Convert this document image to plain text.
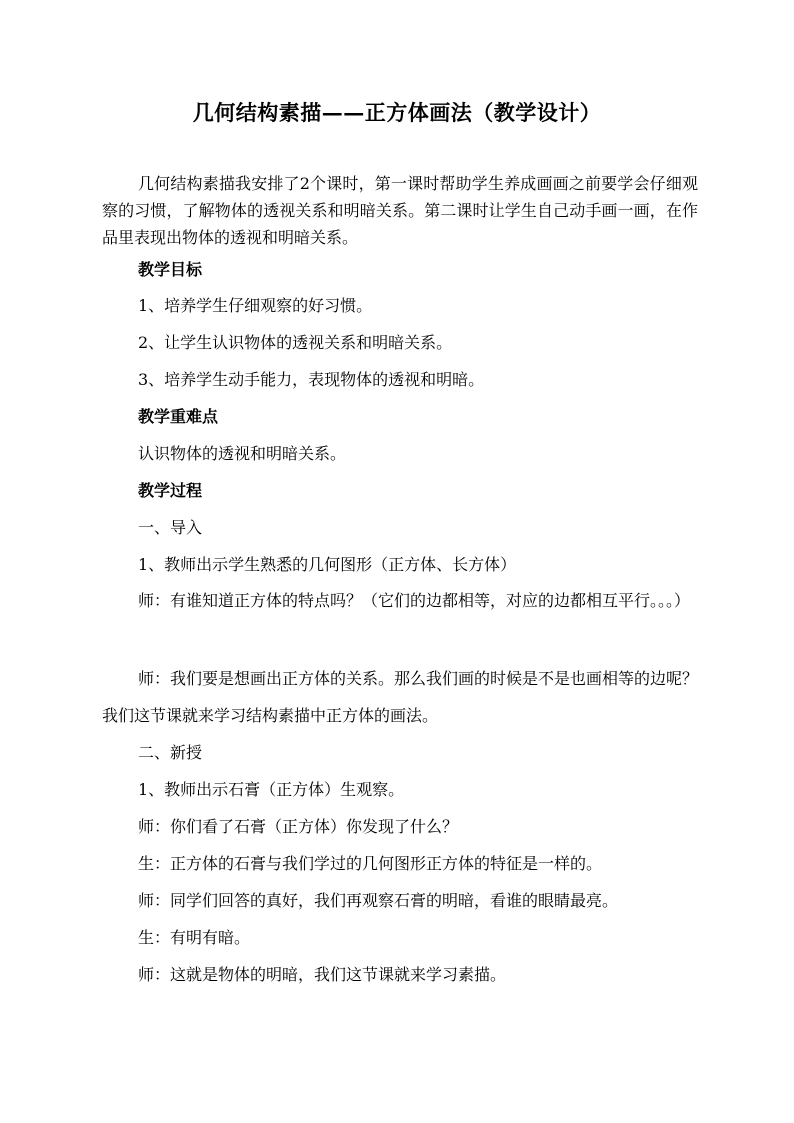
几何结构素描——正方体画法（教学设计）
几何结构素描我安排了2个课时，第一课时帮助学生养成画画之前要学会仔细观察的习惯，了解物体的透视关系和明暗关系。第二课时让学生自己动手画一画，在作品里表现出物体的透视和明暗关系。
教学目标
1、培养学生仔细观察的好习惯。
2、让学生认识物体的透视关系和明暗关系。
3、培养学生动手能力，表现物体的透视和明暗。
教学重难点
认识物体的透视和明暗关系。
教学过程
一、导入
1、教师出示学生熟悉的几何图形（正方体、长方体）
师：有谁知道正方体的特点吗？（它们的边都相等，对应的边都相互平行。。。）
师：我们要是想画出正方体的关系。那么我们画的时候是不是也画相等的边呢？我们这节课就来学习结构素描中正方体的画法。
二、新授
1、教师出示石膏（正方体）生观察。
师：你们看了石膏（正方体）你发现了什么？
生：正方体的石膏与我们学过的几何图形正方体的特征是一样的。
师：同学们回答的真好，我们再观察石膏的明暗，看谁的眼睛最亮。
生：有明有暗。
师：这就是物体的明暗，我们这节课就来学习素描。
